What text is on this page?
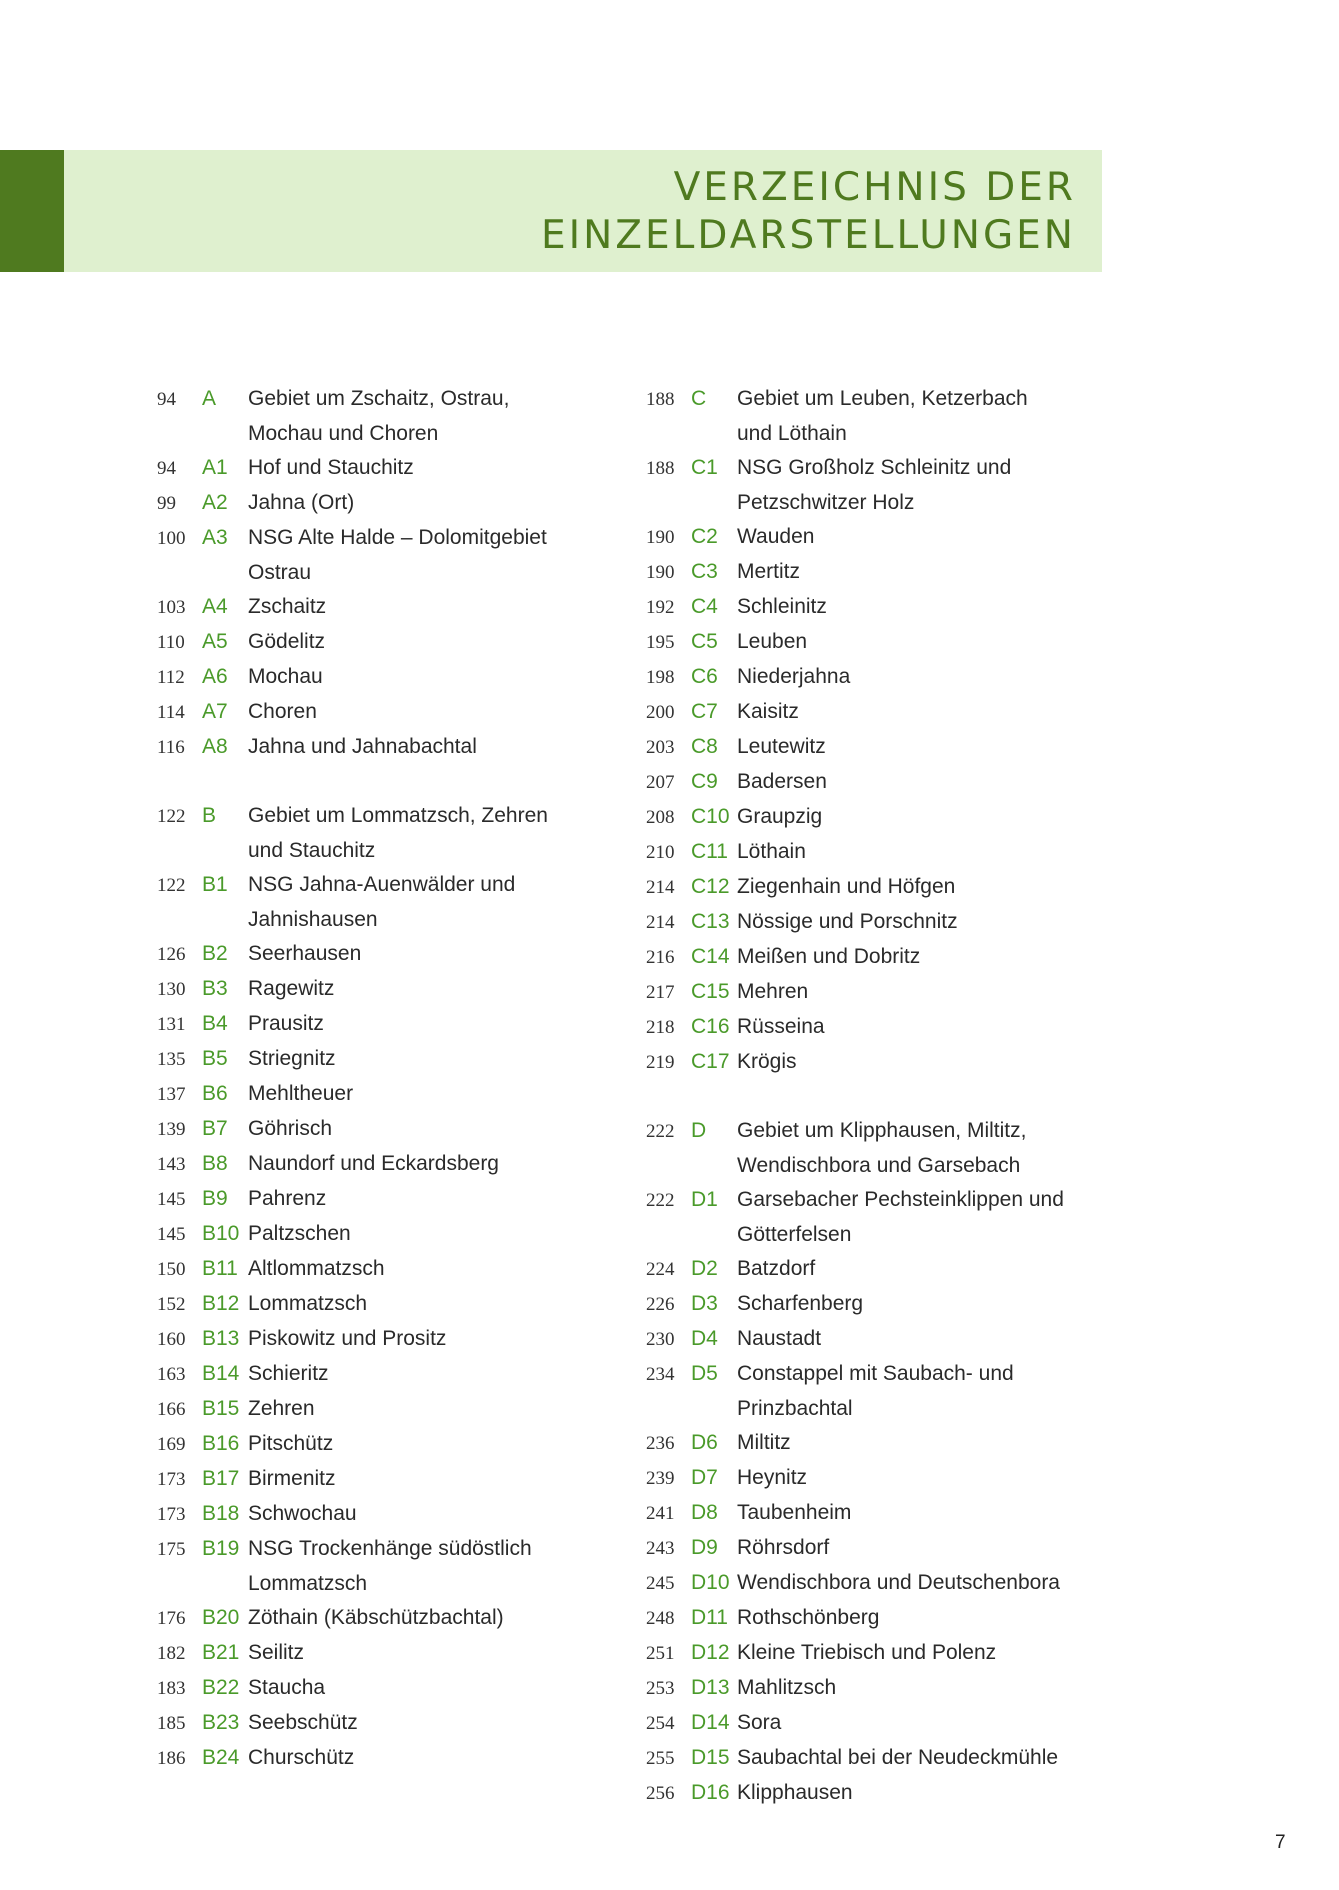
VERZEICHNIS DER
EINZELDARSTELLUNGEN
94	A	Gebiet um Zschaitz, Ostrau,
Mochau und Choren
94	A1 Hof und Stauchitz
99	A2 Jahna (Ort)
100 A3 NSG Alte Halde – Dolomitgebiet
Ostrau
103 A4 Zschaitz
110 A5 Gödelitz
112 A6 Mochau
114 A7 Choren
116 A8 Jahna und Jahnabachtal
122 B	Gebiet um Lommatzsch, Zehren
und Stauchitz
122 B1 NSG Jahna-Auenwälder und
Jahnishausen
126 B2 Seerhausen
130 B3 Ragewitz
131 B4 Prausitz
135 B5 Striegnitz
137 B6 Mehltheuer
139 B7 Göhrisch
143 B8 Naundorf und Eckardsberg
145 B9 Pahrenz
145 B10 Paltzschen
150 B11 Altlommatzsch
152 B12 Lommatzsch
160 B13 Piskowitz und Prositz
163 B14 Schieritz
166 B15 Zehren
169 B16 Pitschütz
173 B17 Birmenitz
173 B18 Schwochau
175 B19 NSG Trockenhänge südöstlich
Lommatzsch
176 B20 Zöthain (Käbschützbachtal)
182 B21 Seilitz
183 B22 Staucha
185 B23 Seebschütz
186 B24 Churschütz
188 C	Gebiet um Leuben, Ketzerbach
und Löthain
188 C1 NSG Großholz Schleinitz und
Petzschwitzer Holz
190 C2 Wauden
190 C3 Mertitz
192 C4 Schleinitz
195 C5 Leuben
198 C6 Niederjahna
200 C7 Kaisitz
203 C8 Leutewitz
207 C9 Badersen
208 C10 Graupzig
210 C11 Löthain
214 C12 Ziegenhain und Höfgen
214 C13 Nössige und Porschnitz
216 C14 Meißen und Dobritz
217 C15 Mehren
218 C16 Rüsseina
219 C17 Krögis
222 D	Gebiet um Klipphausen, Miltitz,
Wendischbora und Garsebach
222 D1 Garsebacher Pechsteinklippen und
Götterfelsen
224 D2 Batzdorf
226 D3 Scharfenberg
230 D4 Naustadt
234 D5 Constappel mit Saubach- und
Prinzbachtal
236 D6 Miltitz
239 D7 Heynitz
241 D8 Taubenheim
243 D9 Röhrsdorf
245 D10 Wendischbora und Deutschenbora
248 D11 Rothschönberg
251 D12 Kleine Triebisch und Polenz
253 D13 Mahlitzsch
254 D14 Sora
255 D15 Saubachtal bei der Neudeckmühle
256 D16 Klipphausen
7
